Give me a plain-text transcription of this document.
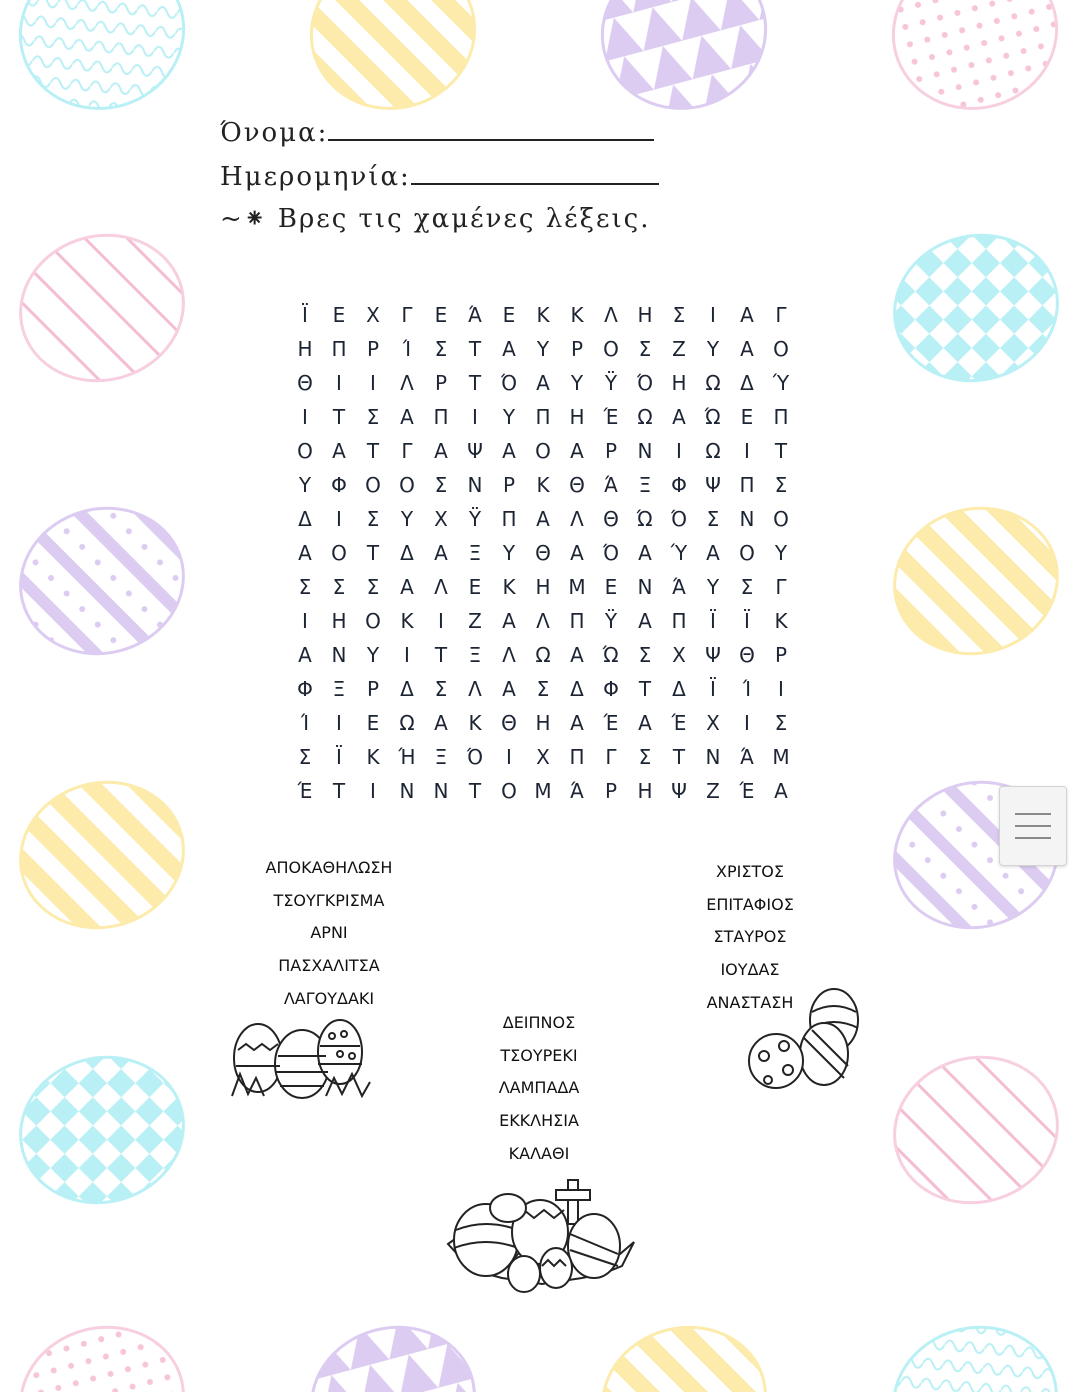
Όνομα:
Ημερομηνία:
~⁕ Βρες τις χαμένες λέξεις.
Ϊ	Ε	Χ	Γ	Ε	Ά	Ε	Κ	Κ	Λ Η	Σ	Ι	Α	Γ
Η Π	Ρ	Ί	Σ	Τ	Α	Υ	Ρ	Ο Σ	Ζ	Υ	Α Ο
Θ	Ι	Ι	Λ	Ρ	Τ Ό Α	Υ	Ϋ Ό Η Ω Δ Ύ
Ι	Τ	Σ	Α Π	Ι	Υ	Π Η Έ Ω Α Ώ Ε	Π
Ο Α	Τ	Γ	Α Ψ Α Ο Α	Ρ	Ν	Ι	Ω	Ι	Τ
Υ	Φ Ο Ο Σ	Ν	Ρ	Κ Θ Ά	Ξ Φ Ψ Π	Σ
Δ	Ι	Σ	Υ	Χ	Ϋ	Π Α	Λ Θ Ώ Ό Σ	Ν Ο
Α Ο	Τ	Δ	Α	Ξ	Υ	Θ Α Ό Α Ύ Α Ο	Υ
Σ	Σ	Σ	Α	Λ	Ε	Κ Η Μ Ε	Ν Ά	Υ	Σ	Γ
Ι	Η Ο Κ	Ι	Ζ	Α	Λ Π	Ϋ	Α Π	Ϊ	Ϊ	Κ
Α Ν	Υ	Ι	Τ	Ξ	Λ Ω Α Ώ Σ	Χ Ψ Θ	Ρ
Φ Ξ	Ρ	Δ	Σ	Λ	Α	Σ	Δ Φ	Τ	Δ	Ϊ	Ί	Ι
Ί	Ι	Ε	Ω Α	Κ Θ Η Α Έ Α Έ Χ	Ι	Σ
Σ	Ϊ	Κ Ή Ξ Ό	Ι	Χ Π	Γ	Σ	Τ	Ν Ά Μ
Έ	Τ	Ι	Ν Ν	Τ	Ο Μ Ά	Ρ	Η Ψ Ζ Έ Α
ΑΠΟΚΑΘΗΛΩΣΗ
ΤΣΟΥΓΚΡΙΣΜΑ
ΑΡΝΙ
ΠΑΣΧΑΛΙΤΣΑ
ΛΑΓΟΥΔΑΚΙ
ΔΕΙΠΝΟΣ
ΤΣΟΥΡΕΚΙ
ΛΑΜΠΑΔΑ
ΕΚΚΛΗΣΙΑ
ΚΑΛΑΘΙ
ΧΡΙΣΤΟΣ
ΕΠΙΤΑΦΙΟΣ
ΣΤΑΥΡΟΣ
ΙΟΥΔΑΣ
ΑΝΑΣΤΑΣΗ
